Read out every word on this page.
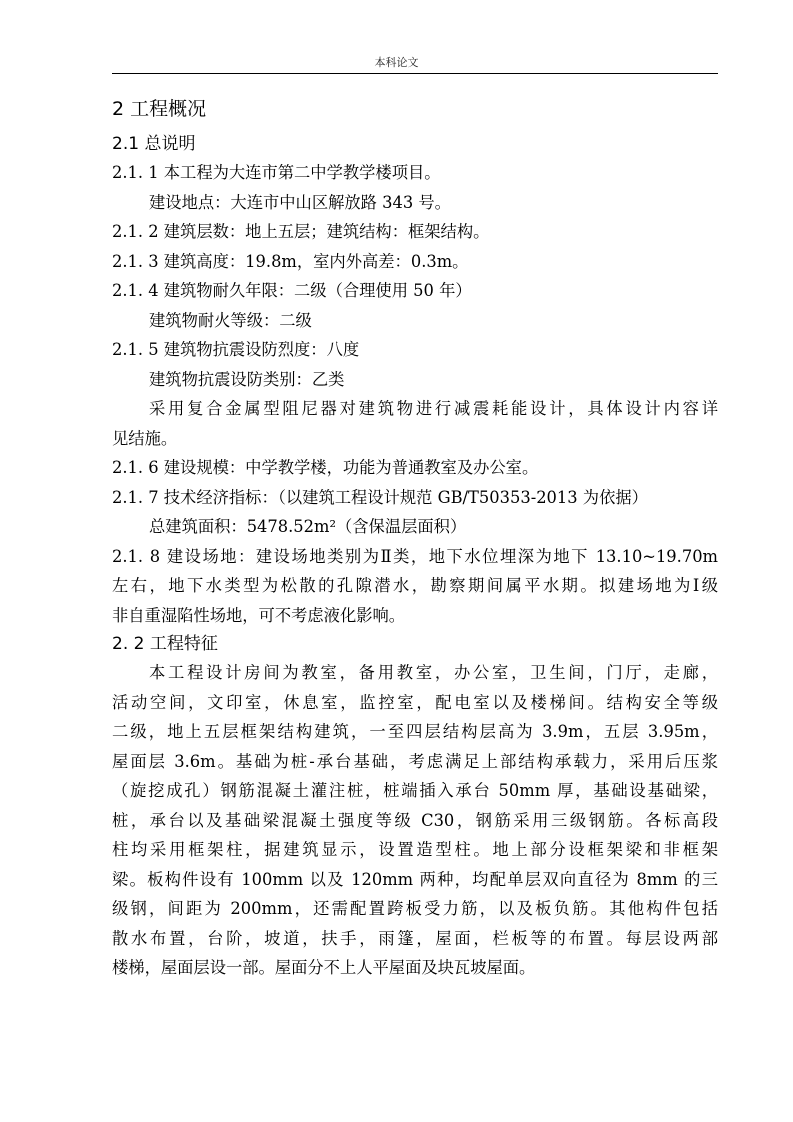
本科论文
2 工程概况
2.1 总说明
2.1. 1 本工程为大连市第二中学教学楼项目。
建设地点：大连市中山区解放路 343 号。
2.1. 2 建筑层数：地上五层；建筑结构：框架结构。
2.1. 3 建筑高度：19.8m，室内外高差：0.3m。
2.1. 4 建筑物耐久年限：二级（合理使用 50 年）
建筑物耐火等级：二级
2.1. 5 建筑物抗震设防烈度：八度
建筑物抗震设防类别：乙类
采用复合金属型阻尼器对建筑物进行减震耗能设计，具体设计内容详
见结施。
2.1. 6 建设规模：中学教学楼，功能为普通教室及办公室。
2.1. 7 技术经济指标：（以建筑工程设计规范 GB/T50353-2013 为依据）
总建筑面积：5478.52m²（含保温层面积）
2.1. 8 建设场地：建设场地类别为Ⅱ类，地下水位埋深为地下 13.10~19.70m
左右，地下水类型为松散的孔隙潜水，勘察期间属平水期。拟建场地为Ⅰ级
非自重湿陷性场地，可不考虑液化影响。
2. 2 工程特征
本工程设计房间为教室，备用教室，办公室，卫生间，门厅，走廊，
活动空间，文印室，休息室，监控室，配电室以及楼梯间。结构安全等级
二级，地上五层框架结构建筑，一至四层结构层高为 3.9m，五层 3.95m，
屋面层 3.6m。基础为桩-承台基础，考虑满足上部结构承载力，采用后压浆
（旋挖成孔）钢筋混凝土灌注桩，桩端插入承台 50mm 厚，基础设基础梁，
桩，承台以及基础梁混凝土强度等级 C30，钢筋采用三级钢筋。各标高段
柱均采用框架柱，据建筑显示，设置造型柱。地上部分设框架梁和非框架
梁。板构件设有 100mm 以及 120mm 两种，均配单层双向直径为 8mm 的三
级钢，间距为 200mm，还需配置跨板受力筋，以及板负筋。其他构件包括
散水布置，台阶，坡道，扶手，雨篷，屋面，栏板等的布置。每层设两部
楼梯，屋面层设一部。屋面分不上人平屋面及块瓦坡屋面。
